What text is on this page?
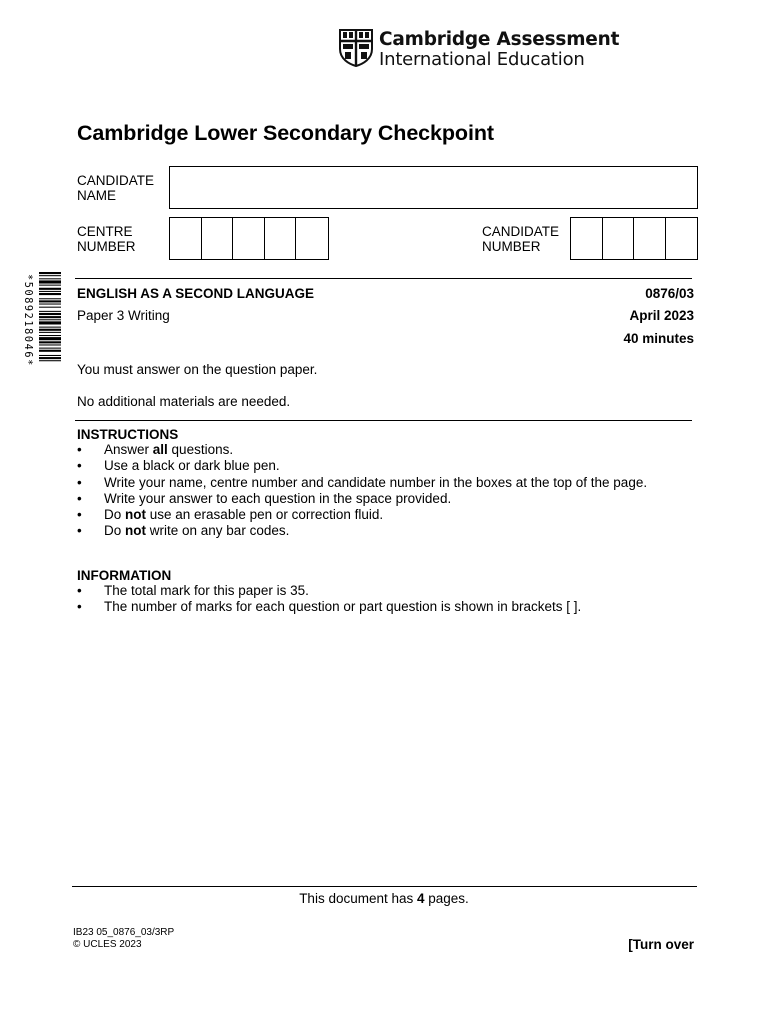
Cambridge Assessment
International Education
Cambridge Lower Secondary Checkpoint
CANDIDATE
NAME
CENTRE
NUMBER
CANDIDATE
NUMBER
*5089218046*	ENGLISH AS A SECOND LANGUAGE	0876/03
Paper 3 Writing	April 2023
40 minutes
You must answer on the question paper.
No additional materials are needed.
INSTRUCTIONS
• Answer all questions.
• Use a black or dark blue pen.
• Write your name, centre number and candidate number in the boxes at the top of the page.
• Write your answer to each question in the space provided.
• Do not use an erasable pen or correction fluid.
• Do not write on any bar codes.
INFORMATION
• The total mark for this paper is 35.
• The number of marks for each question or part question is shown in brackets [ ].
This document has 4 pages.
IB23 05_0876_03/3RP
© UCLES 2023	[Turn over
